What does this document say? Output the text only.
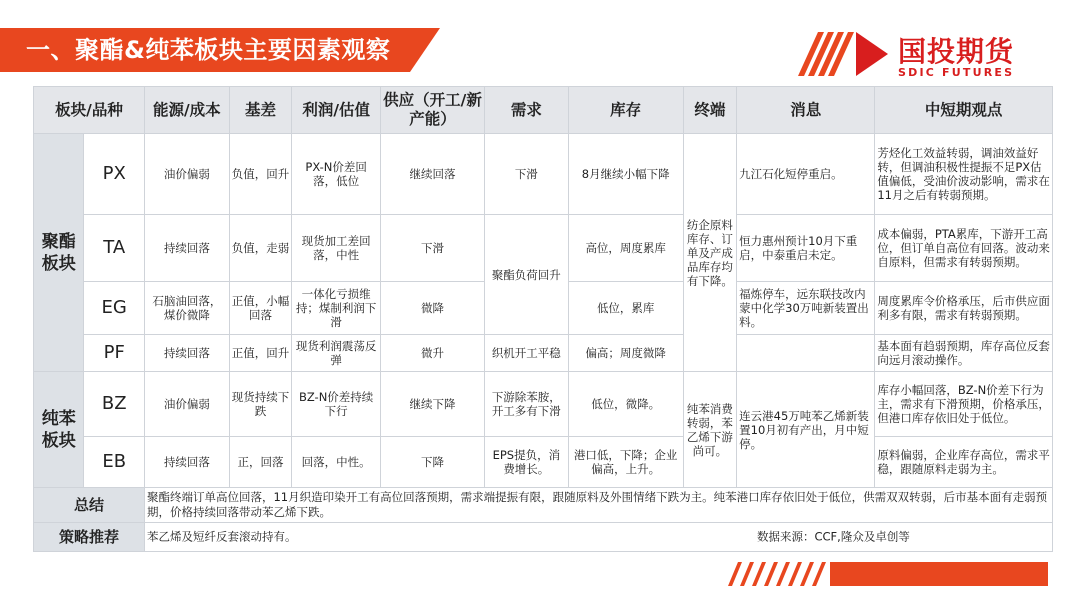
一、聚酯&纯苯板块主要因素观察	国投期货
SDIC FUTURES
板块/品种		能源/成本	基差	利润/估值	供应（开工/新产能）	需求	库存	终端	消息	中短期观点
聚酯板块	PX	油价偏弱	负值，回升	PX-N价差回落，低位	继续回落	下滑	8月继续小幅下降	纺企原料库存、订单及产成品库存均有下降。	九江石化短停重启。	芳烃化工效益转弱，调油效益好转，但调油积极性提振不足PX估值偏低，受油价波动影响，需求在11月之后有转弱预期。
	TA	持续回落	负值，走弱	现货加工差回落，中性	下滑	聚酯负荷回升	高位，周度累库		恒力惠州预计10月下重启，中泰重启未定。	成本偏弱，PTA累库，下游开工高位，但订单自高位有回落。波动来自原料，但需求有转弱预期。
	EG	石脑油回落，煤价微降	正值，小幅回落	一体化亏损维持；煤制利润下滑	微降		低位，累库		福炼停车，远东联技改内蒙中化学30万吨新装置出料。	周度累库令价格承压，后市供应面利多有限，需求有转弱预期。
	PF	持续回落	正值，回升	现货利润震荡反弹	微升	织机开工平稳	偏高；周度微降			基本面有趋弱预期，库存高位反套向远月滚动操作。
纯苯板块	BZ	油价偏弱	现货持续下跌	BZ-N价差持续下行	继续下降	下游除苯胺，开工多有下滑	低位，微降。	纯苯消费转弱，苯乙烯下游尚可。	连云港45万吨苯乙烯新装置10月初有产出，月中短停。	库存小幅回落，BZ-N价差下行为主，需求有下滑预期，价格承压，但港口库存依旧处于低位。
	EB	持续回落	正，回落	回落，中性。	下降	EPS提负，消费增长。	港口低，下降；企业偏高，上升。			原料偏弱，企业库存高位，需求平稳，跟随原料走弱为主。
总结		聚酯终端订单高位回落，11月织造印染开工有高位回落预期，需求端提振有限，跟随原料及外围情绪下跌为主。纯苯港口库存依旧处于低位，供需双双转弱，后市基本面有走弱预期，价格持续回落带动苯乙烯下跌。								
策略推荐		苯乙烯及短纤反套滚动持有。 数据来源：CCF,隆众及卓创等								
